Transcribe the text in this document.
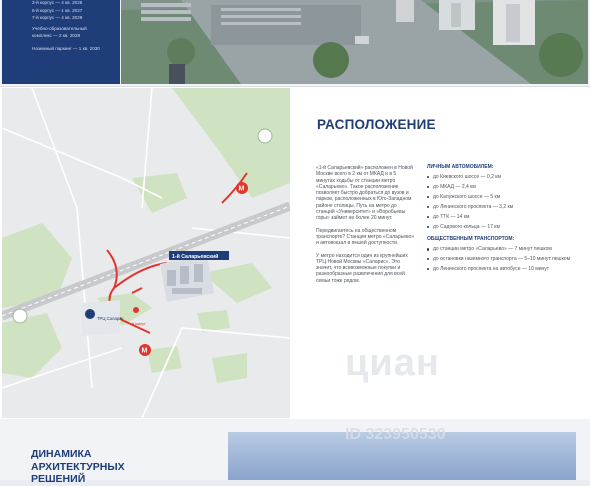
3-й корпус — 4 кв. 2026
6-й корпус — 1 кв. 2027
7-й корпус — 4 кв. 2029
Учебно-образовательный
комплекс — 2 кв. 2028
Наземный паркинг — 1 кв. 2030
1-й Саларьевский
ТРЦ Саларис
М
М
5 минут
циан
РАСПОЛОЖЕНИЕ

«1-й Саларьевский» расположен в Новой Москве всего в 2 км от МКАД и в 5 минутах ходьбы от станции метро «Саларьево». Такое расположение позволяет быстро добраться до вузов и парков, расположенных в Юго-Западном районе столицы. Путь на метро до станций «Университет» и «Воробьевы горы» займет не более 20 минут.

Передвигаетесь на общественном транспорте? Станция метро «Саларьево» и автовокзал в пешей доступности.

У метро находится один из крупнейших ТРЦ Новой Москвы «Саларис». Это значит, что всевозможные покупки и разнообразные развлечения для всей семьи тоже рядом.

ЛИЧНЫМ АВТОМОБИЛЕМ:
до Киевского шоссе — 0,2 км
до МКАД — 2,4 км
до Калужского шоссе — 5 км
до Ленинского проспекта — 3,2 км
до ТТК — 14 км
до Садового кольца — 17 км
ОБЩЕСТВЕННЫМ ТРАНСПОРТОМ:
до станции метро «Саларьево» — 7 минут пешком
до остановки наземного транспорта — 5–10 минут пешком
до Ленинского проспекта на автобусе — 10 минут
ДИНАМИКА АРХИТЕКТУРНЫХ РЕШЕНИЙ
ID 323950530
